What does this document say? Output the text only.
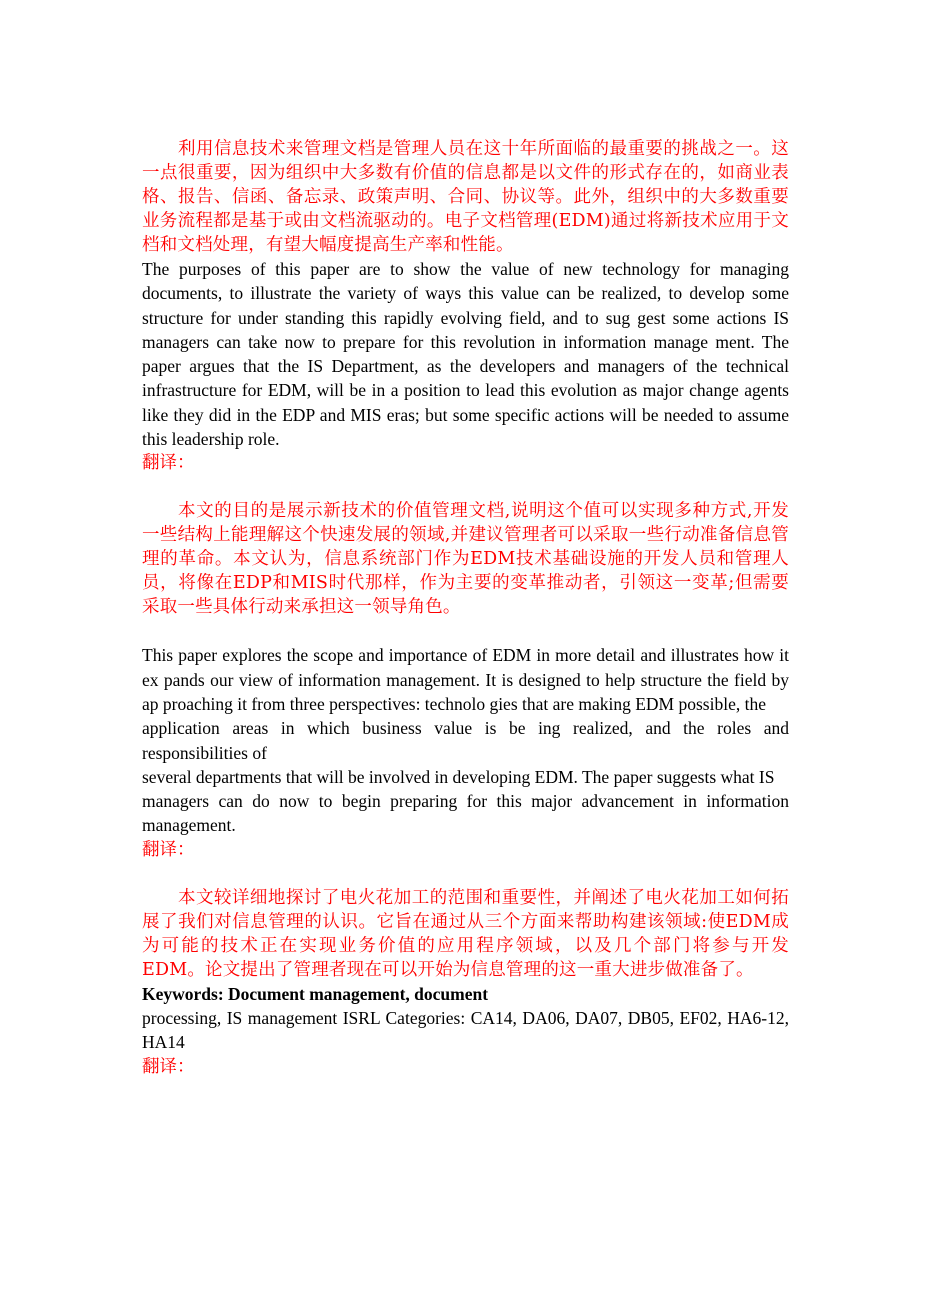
利用信息技术来管理文档是管理人员在这十年所面临的最重要的挑战之一。这一点很重要，因为组织中大多数有价值的信息都是以文件的形式存在的，如商业表格、报告、信函、备忘录、政策声明、合同、协议等。此外，组织中的大多数重要业务流程都是基于或由文档流驱动的。电子文档管理(EDM)通过将新技术应用于文档和文档处理，有望大幅度提高生产率和性能。

The purposes of this paper are to show the value of new technology for managing documents, to illustrate the variety of ways this value can be realized, to develop some structure for under standing this rapidly evolving field, and to sug gest some actions IS managers can take now to prepare for this revolution in information manage ment. The paper argues that the IS Department, as the developers and managers of the technical infrastructure for EDM, will be in a position to lead this evolution as major change agents like they did in the EDP and MIS eras; but some specific actions will be needed to assume this leadership role.

翻译：

本文的目的是展示新技术的价值管理文档,说明这个值可以实现多种方式,开发一些结构上能理解这个快速发展的领域,并建议管理者可以采取一些行动准备信息管理的革命。本文认为，信息系统部门作为EDM技术基础设施的开发人员和管理人员，将像在EDP和MIS时代那样，作为主要的变革推动者，引领这一变革;但需要采取一些具体行动来承担这一领导角色。

This paper explores the scope and importance of EDM in more detail and illustrates how it ex pands our view of information management. It is designed to help structure the field by ap proaching it from three perspectives: technolo gies that are making EDM possible, the
application areas in which business value is be ing realized, and the roles and responsibilities of
several departments that will be involved in developing EDM. The paper suggests what IS
managers can do now to begin preparing for this major advancement in information management.

翻译：

本文较详细地探讨了电火花加工的范围和重要性，并阐述了电火花加工如何拓展了我们对信息管理的认识。它旨在通过从三个方面来帮助构建该领域:使EDM成为可能的技术正在实现业务价值的应用程序领域，以及几个部门将参与开发EDM。论文提出了管理者现在可以开始为信息管理的这一重大进步做准备了。

Keywords: Document management, document

processing, IS management ISRL Categories: CA14, DA06, DA07, DB05, EF02, HA6-12, HA14

翻译：
